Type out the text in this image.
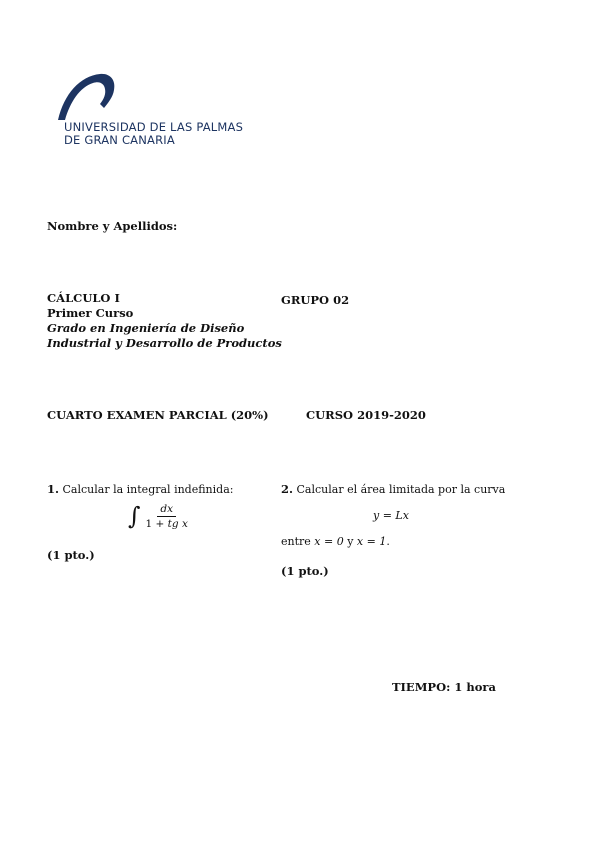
UNIVERSIDAD DE LAS PALMAS
DE GRAN CANARIA
Nombre y Apellidos:
CÁLCULO I
Primer Curso
Grado en Ingeniería de Diseño
Industrial y Desarrollo de Productos
GRUPO 02
CUARTO EXAMEN PARCIAL (20%)	CURSO 2019-2020
1. Calcular la integral indefinida:
∫ $\frac{dx}{\text{1 + tg x}}$
(1 pto.)
2. Calcular el área limitada por la curva
y = Lx
entre x = 0 y x = 1.
(1 pto.)
TIEMPO: 1 hora
